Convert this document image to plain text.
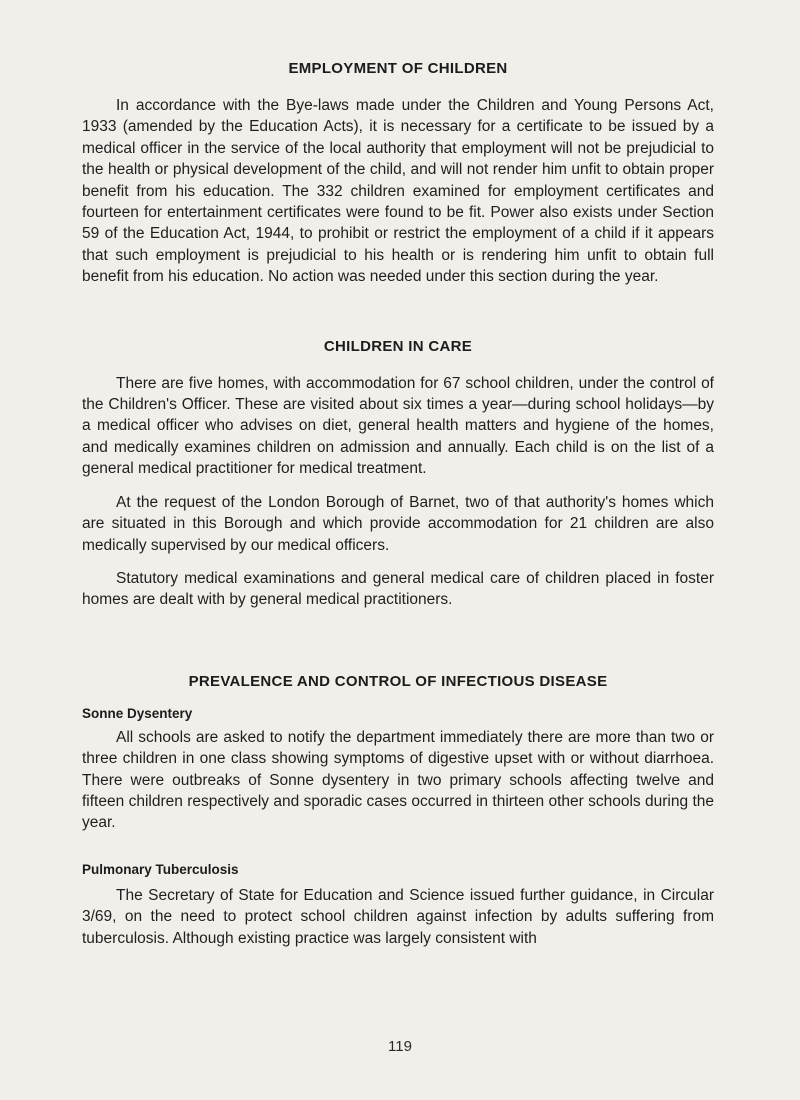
EMPLOYMENT OF CHILDREN

In accordance with the Bye-laws made under the Children and Young Persons Act, 1933 (amended by the Education Acts), it is necessary for a certificate to be issued by a medical officer in the service of the local authority that employment will not be prejudicial to the health or physical development of the child, and will not render him unfit to obtain proper benefit from his education. The 332 children examined for employment certificates and fourteen for entertainment certificates were found to be fit. Power also exists under Section 59 of the Education Act, 1944, to prohibit or restrict the employment of a child if it appears that such employment is prejudicial to his health or is rendering him unfit to obtain full benefit from his education. No action was needed under this section during the year.

CHILDREN IN CARE

There are five homes, with accommodation for 67 school children, under the control of the Children's Officer. These are visited about six times a year—during school holidays—by a medical officer who advises on diet, general health matters and hygiene of the homes, and medically examines children on admission and annually. Each child is on the list of a general medical practitioner for medical treatment.

At the request of the London Borough of Barnet, two of that authority's homes which are situated in this Borough and which provide accommodation for 21 children are also medically supervised by our medical officers.

Statutory medical examinations and general medical care of children placed in foster homes are dealt with by general medical practitioners.

PREVALENCE AND CONTROL OF INFECTIOUS DISEASE
Sonne Dysentery

All schools are asked to notify the department immediately there are more than two or three children in one class showing symptoms of digestive upset with or without diarrhoea. There were outbreaks of Sonne dysentery in two primary schools affecting twelve and fifteen children respectively and sporadic cases occurred in thirteen other schools during the year.

Pulmonary Tuberculosis

The Secretary of State for Education and Science issued further guidance, in Circular 3/69, on the need to protect school children against infection by adults suffering from tuberculosis. Although existing practice was largely consistent with

119
